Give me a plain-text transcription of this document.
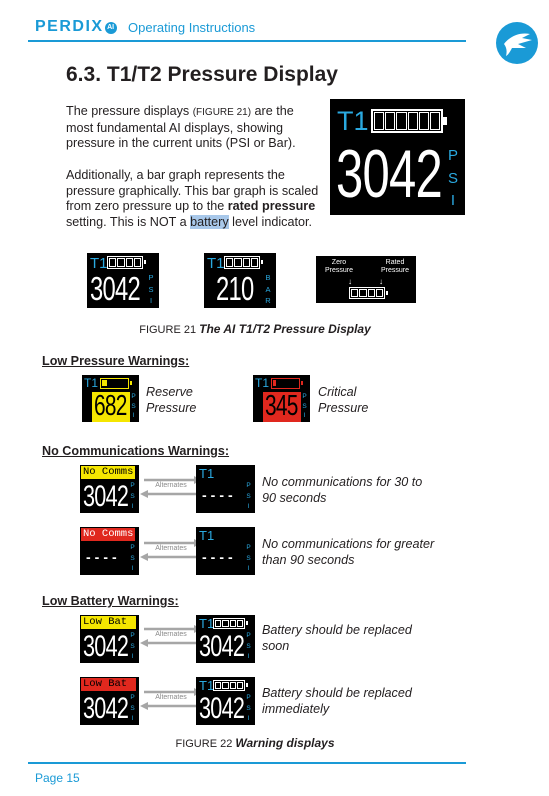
PERDIX AI Operating Instructions
6.3. T1/T2 Pressure Display
The pressure displays (FIGURE 21) are the most fundamental AI displays, showing pressure in the current units (PSI or Bar).
Additionally, a bar graph represents the pressure graphically. This bar graph is scaled from zero pressure up to the rated pressure setting. This is NOT a battery level indicator.
T1
3042 P
S
I
T1
3042 P
S
I
T1
210 B
A
R
Zero Pressure
Rated Pressure
↓	↓
FIGURE 21 The AI T1/T2 Pressure Display
Low Pressure Warnings:
T1
682 P
S
I
Reserve Pressure
T1
345 P
S
I
Critical Pressure
No Communications Warnings:
No Comms
3042 P
S
I
Alternates
T1
----
P
S
I
No communications for 30 to 90 seconds
No Comms
----
P
S
I
Alternates
T1
----
P
S
I
No communications for greater than 90 seconds
Low Battery Warnings:
Low Bat
3042 P
S
I
Alternates
T1
3042 P
S
I
Battery should be replaced soon
Low Bat
3042 P
S
I
Alternates
T1
3042 P
S
I
Battery should be replaced immediately
FIGURE 22 Warning displays
Page 15
